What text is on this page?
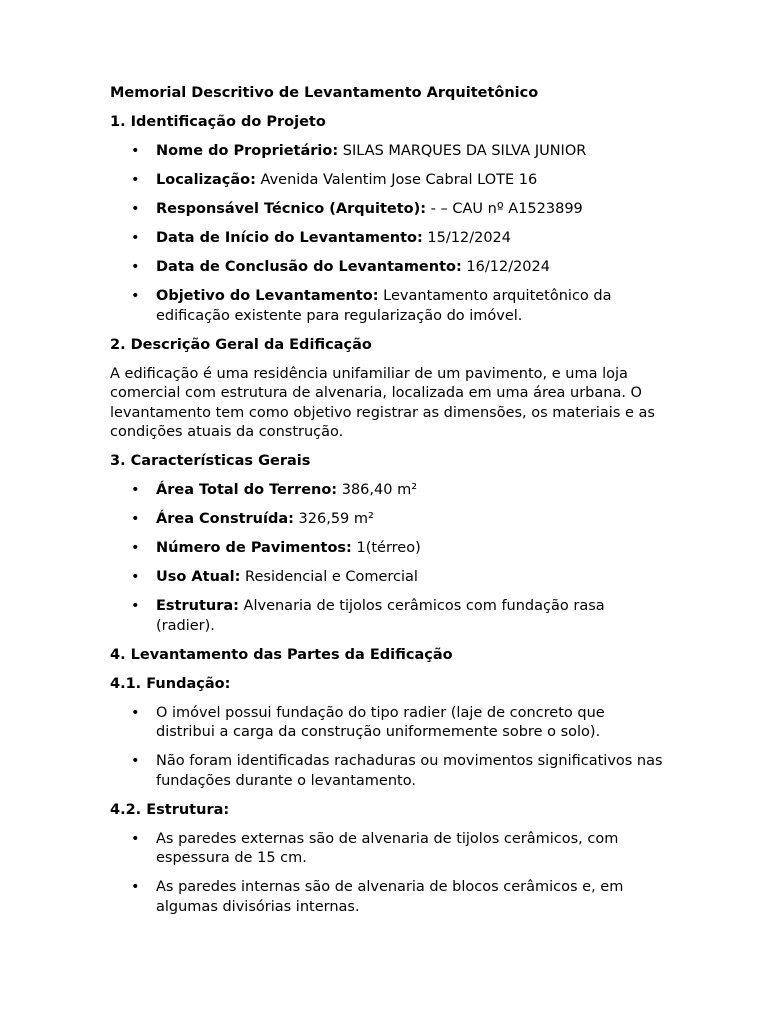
Memorial Descritivo de Levantamento Arquitetônico
1. Identificação do Projeto
• Nome do Proprietário: SILAS MARQUES DA SILVA JUNIOR
• Localização: Avenida Valentim Jose Cabral LOTE 16
• Responsável Técnico (Arquiteto): - – CAU nº A1523899
• Data de Início do Levantamento: 15/12/2024
• Data de Conclusão do Levantamento: 16/12/2024
• Objetivo do Levantamento: Levantamento arquitetônico da edificação existente para regularização do imóvel.
2. Descrição Geral da Edificação
A edificação é uma residência unifamiliar de um pavimento, e uma loja comercial com estrutura de alvenaria, localizada em uma área urbana. O levantamento tem como objetivo registrar as dimensões, os materiais e as condições atuais da construção.
3. Características Gerais
• Área Total do Terreno: 386,40 m²
• Área Construída: 326,59 m²
• Número de Pavimentos: 1(térreo)
• Uso Atual: Residencial e Comercial
• Estrutura: Alvenaria de tijolos cerâmicos com fundação rasa (radier).
4. Levantamento das Partes da Edificação
4.1. Fundação:
• O imóvel possui fundação do tipo radier (laje de concreto que distribui a carga da construção uniformemente sobre o solo).
• Não foram identificadas rachaduras ou movimentos significativos nas fundações durante o levantamento.
4.2. Estrutura:
• As paredes externas são de alvenaria de tijolos cerâmicos, com espessura de 15 cm.
• As paredes internas são de alvenaria de blocos cerâmicos e, em algumas divisórias internas.
